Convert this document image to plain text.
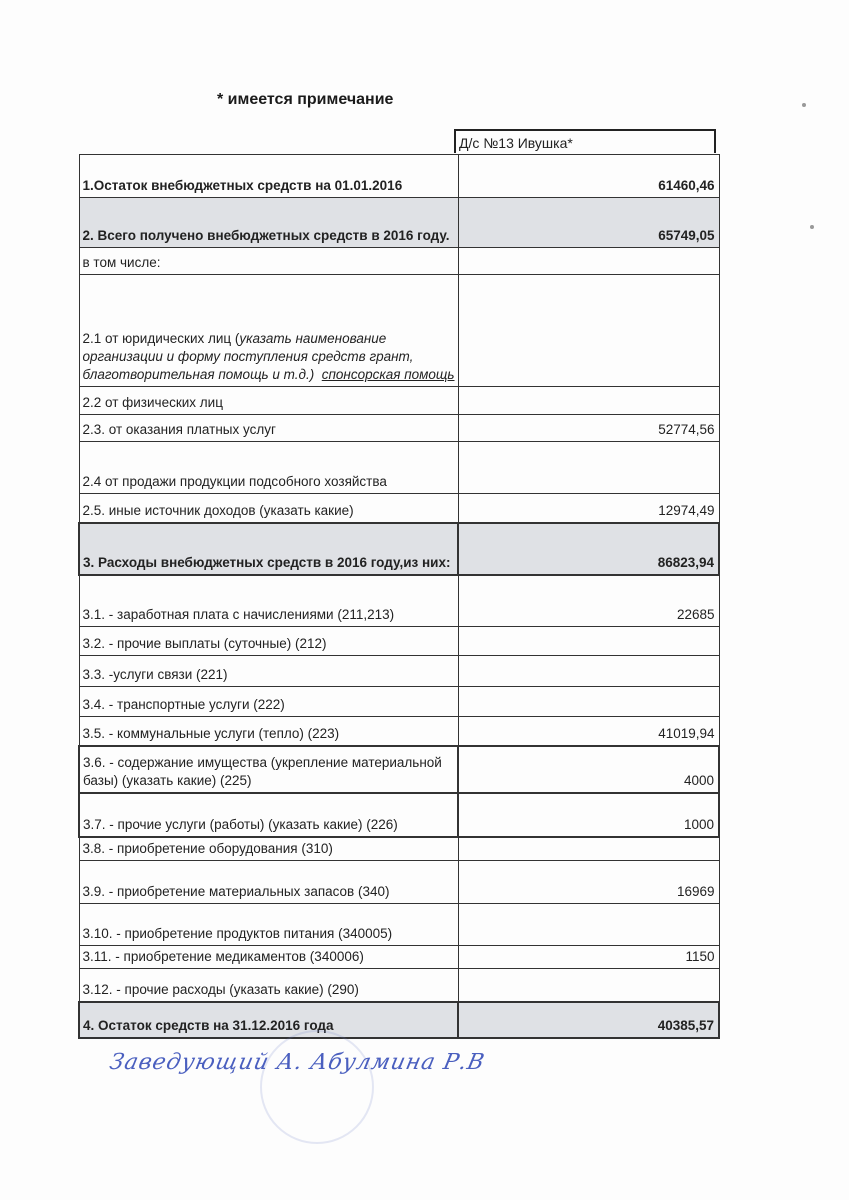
* имеется примечание
Д/с №13 Ивушка*
1.Остаток внебюджетных средств на 01.01.2016	61460,46
2. Всего получено внебюджетных средств в 2016 году.	65749,05
в том числе:	
2.1 от юридических лиц (указать наименование организации и форму поступления средств грант, благотворительная помощь и т.д.) спонсорская помощь	
2.2 от физических лиц	
2.3. от оказания платных услуг	52774,56
2.4 от продажи продукции подсобного хозяйства	
2.5. иные источник доходов (указать какие)	12974,49
3. Расходы внебюджетных средств в 2016 году,из них:	86823,94
3.1. - заработная плата с начислениями (211,213)	22685
3.2. - прочие выплаты (суточные) (212)	
3.3. -услуги связи (221)	
3.4. - транспортные услуги (222)	
3.5. - коммунальные услуги (тепло) (223)	41019,94
3.6. - содержание имущества (укрепление материальной базы) (указать какие) (225)	4000
3.7. - прочие услуги (работы) (указать какие) (226)	1000
3.8. - приобретение оборудования (310)	
3.9. - приобретение материальных запасов (340)	16969
3.10. - приобретение продуктов питания (340005)	
3.11. - приобретение медикаментов (340006)	1150
3.12. - прочие расходы (указать какие) (290)	
4. Остаток средств на 31.12.2016 года	40385,57
Заведующий А. Абулмина Р.В
